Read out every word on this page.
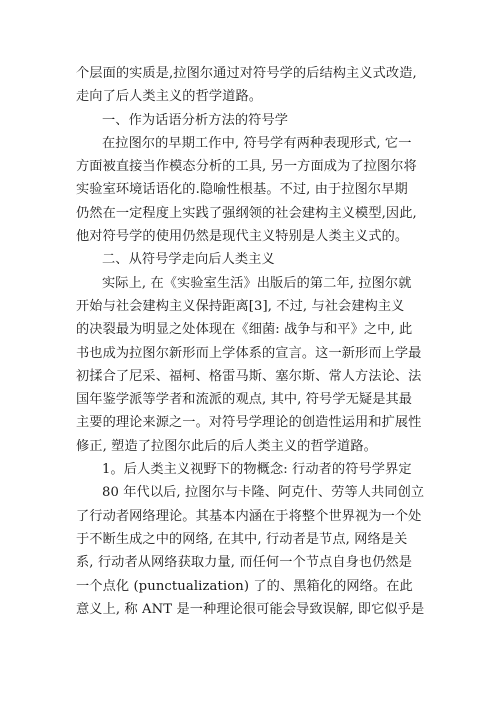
个层面的实质是,拉图尔通过对符号学的后结构主义式改造,
走向了后人类主义的哲学道路。
一、作为话语分析方法的符号学
在拉图尔的早期工作中, 符号学有两种表现形式, 它一
方面被直接当作模态分析的工具, 另一方面成为了拉图尔将
实验室环境话语化的.隐喻性根基。不过, 由于拉图尔早期
仍然在一定程度上实践了强纲领的社会建构主义模型,因此,
他对符号学的使用仍然是现代主义特别是人类主义式的。
二、从符号学走向后人类主义
实际上, 在《实验室生活》出版后的第二年, 拉图尔就
开始与社会建构主义保持距离[3], 不过, 与社会建构主义
的决裂最为明显之处体现在《细菌: 战争与和平》之中, 此
书也成为拉图尔新形而上学体系的宣言。这一新形而上学最
初揉合了尼采、福柯、格雷马斯、塞尔斯、常人方法论、法
国年鉴学派等学者和流派的观点, 其中, 符号学无疑是其最
主要的理论来源之一。对符号学理论的创造性运用和扩展性
修正, 塑造了拉图尔此后的后人类主义的哲学道路。
1。后人类主义视野下的物概念: 行动者的符号学界定
80 年代以后, 拉图尔与卡隆、阿克什、劳等人共同创立
了行动者网络理论。其基本内涵在于将整个世界视为一个处
于不断生成之中的网络, 在其中, 行动者是节点, 网络是关
系, 行动者从网络获取力量, 而任何一个节点自身也仍然是
一个点化 (punctualization) 了的、黑箱化的网络。在此
意义上, 称 ANT 是一种理论很可能会导致误解, 即它似乎是
